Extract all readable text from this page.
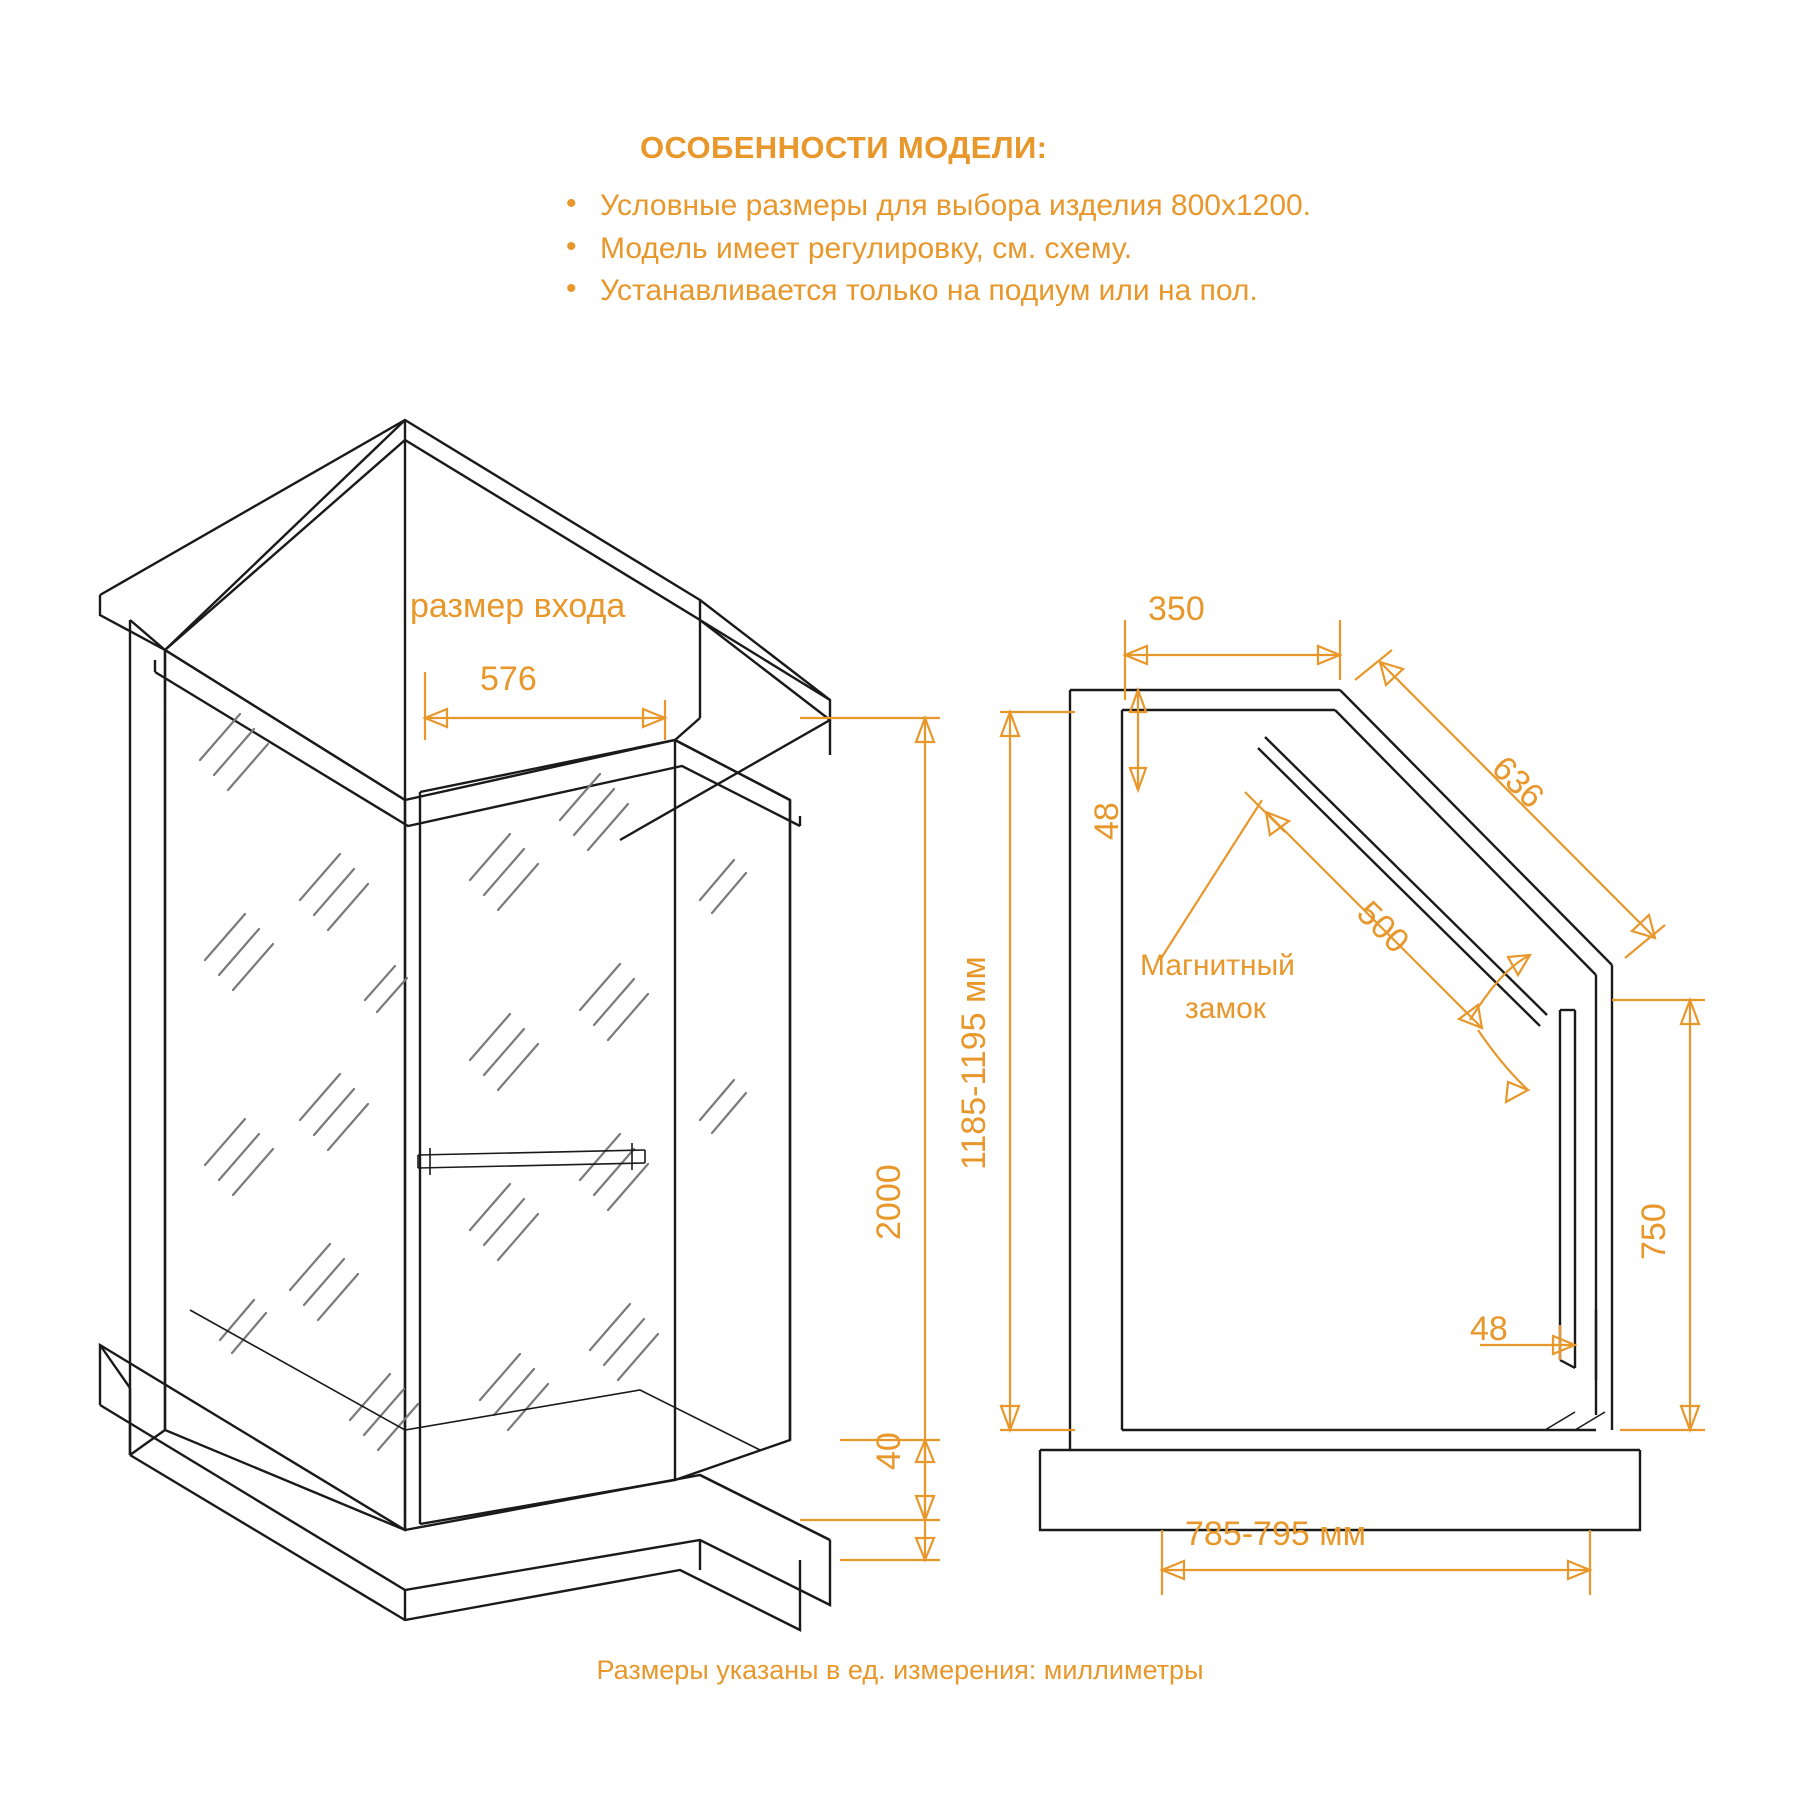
ОСОБЕННОСТИ МОДЕЛИ:
• Условные размеры для выбора изделия 800x1200.
• Модель имеет регулировку, см. схему.
• Устанавливается только на подиум или на пол.
размер входа
576
2000
40
350
636
500
48
Магнитный
замок
750
48
1185-1195 мм
785-795 мм
Размеры указаны в ед. измерения: миллиметры
